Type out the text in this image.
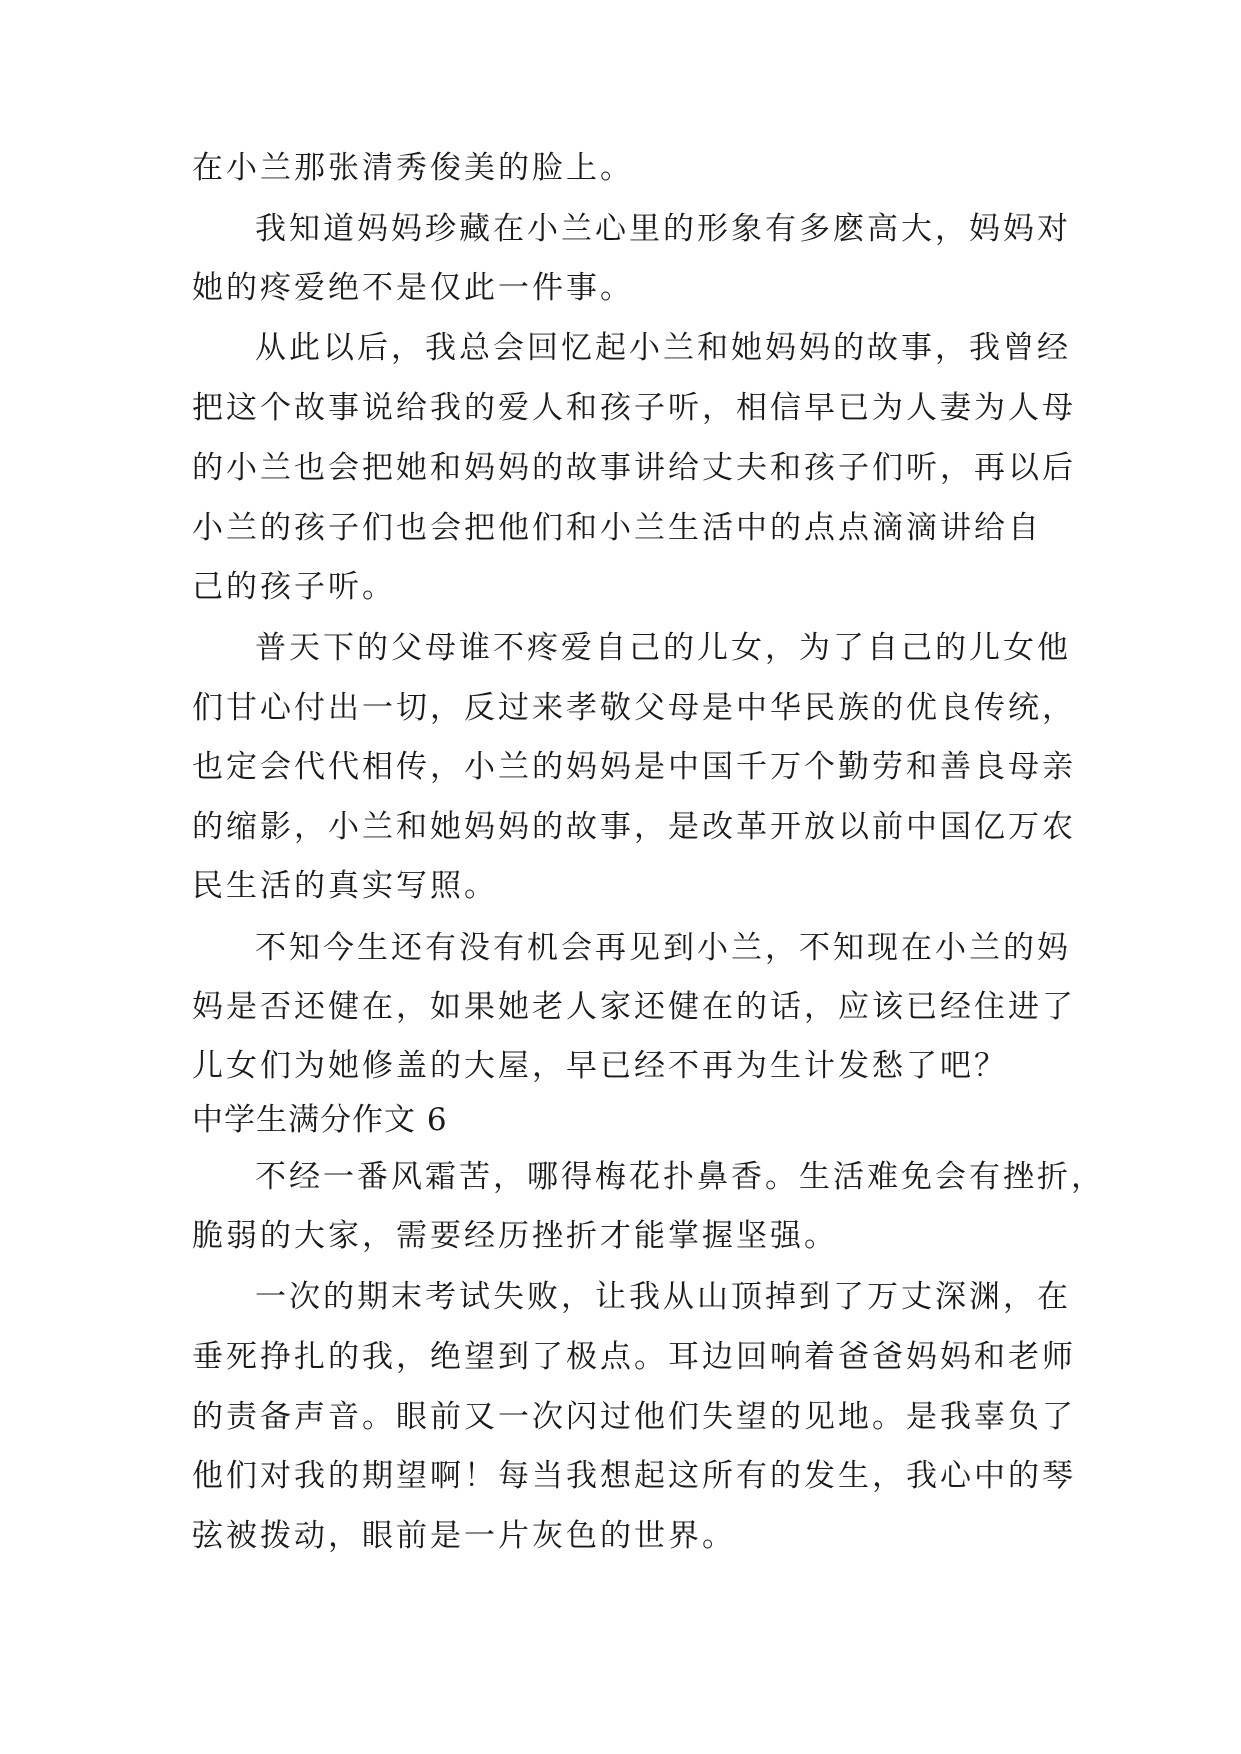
在小兰那张清秀俊美的脸上。
我知道妈妈珍藏在小兰心里的形象有多麽高大，妈妈对
她的疼爱绝不是仅此一件事。
从此以后，我总会回忆起小兰和她妈妈的故事，我曾经
把这个故事说给我的爱人和孩子听，相信早已为人妻为人母
的小兰也会把她和妈妈的故事讲给丈夫和孩子们听，再以后
小兰的孩子们也会把他们和小兰生活中的点点滴滴讲给自
己的孩子听。
普天下的父母谁不疼爱自己的儿女，为了自己的儿女他
们甘心付出一切，反过来孝敬父母是中华民族的优良传统，
也定会代代相传，小兰的妈妈是中国千万个勤劳和善良母亲
的缩影，小兰和她妈妈的故事，是改革开放以前中国亿万农
民生活的真实写照。
不知今生还有没有机会再见到小兰，不知现在小兰的妈
妈是否还健在，如果她老人家还健在的话，应该已经住进了
儿女们为她修盖的大屋，早已经不再为生计发愁了吧？
中学生满分作文 6
不经一番风霜苦，哪得梅花扑鼻香。生活难免会有挫折，
脆弱的大家，需要经历挫折才能掌握坚强。
一次的期末考试失败，让我从山顶掉到了万丈深渊，在
垂死挣扎的我，绝望到了极点。耳边回响着爸爸妈妈和老师
的责备声音。眼前又一次闪过他们失望的见地。是我辜负了
他们对我的期望啊！每当我想起这所有的发生，我心中的琴
弦被拨动，眼前是一片灰色的世界。
